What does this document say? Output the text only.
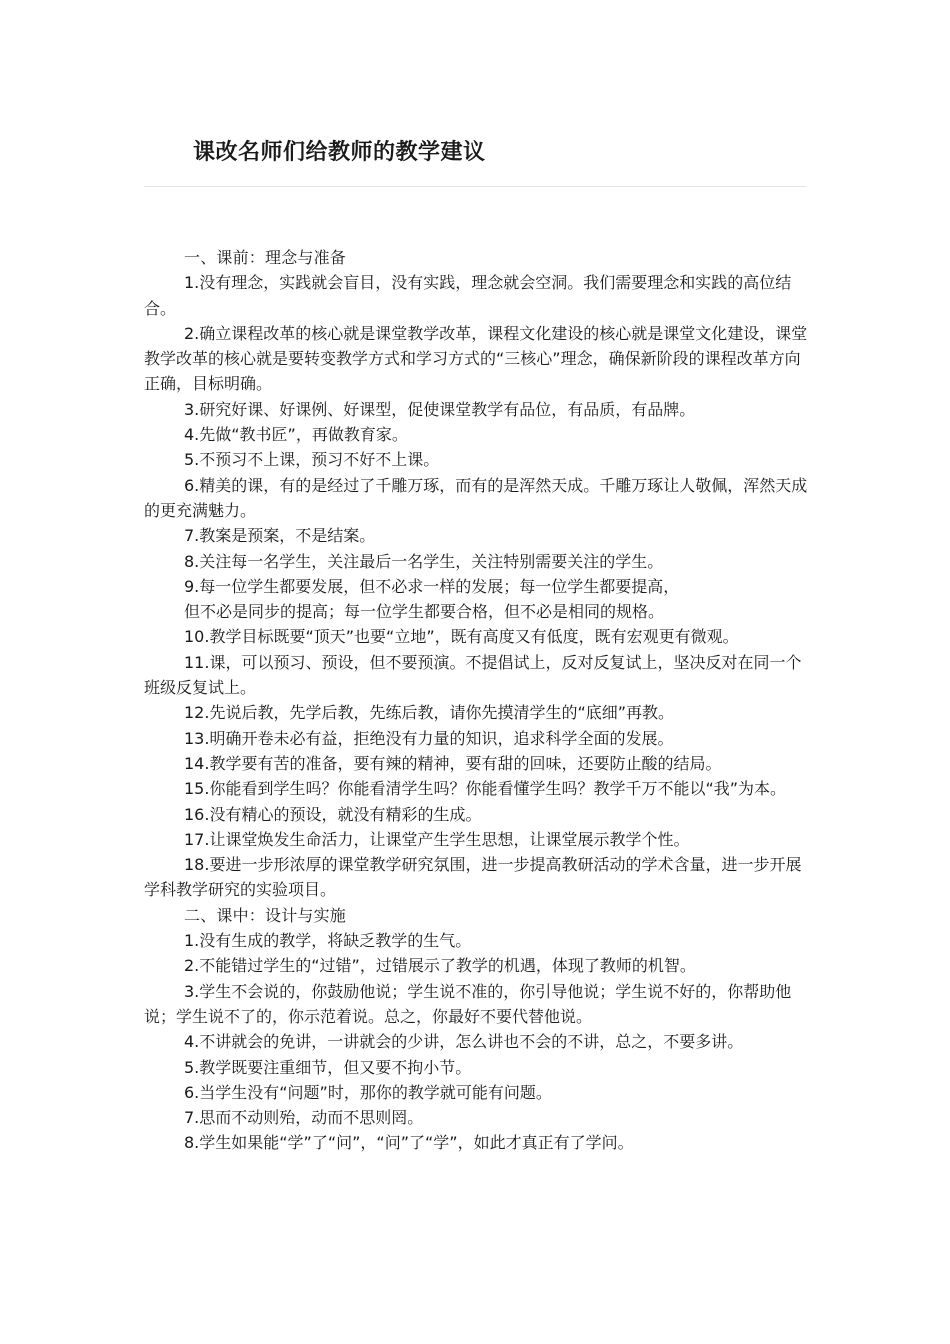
课改名师们给教师的教学建议

一、课前：理念与准备

1.没有理念，实践就会盲目，没有实践，理念就会空洞。我们需要理念和实践的高位结合。

2.确立课程改革的核心就是课堂教学改革，课程文化建设的核心就是课堂文化建设，课堂教学改革的核心就是要转变教学方式和学习方式的“三核心”理念，确保新阶段的课程改革方向正确，目标明确。

3.研究好课、好课例、好课型，促使课堂教学有品位，有品质，有品牌。

4.先做“教书匠”，再做教育家。

5.不预习不上课，预习不好不上课。

6.精美的课，有的是经过了千雕万琢，而有的是浑然天成。千雕万琢让人敬佩，浑然天成的更充满魅力。

7.教案是预案，不是结案。

8.关注每一名学生，关注最后一名学生，关注特别需要关注的学生。

9.每一位学生都要发展，但不必求一样的发展；每一位学生都要提高，

但不必是同步的提高；每一位学生都要合格，但不必是相同的规格。

10.教学目标既要“顶天”也要“立地”，既有高度又有低度，既有宏观更有微观。

11.课，可以预习、预设，但不要预演。不提倡试上，反对反复试上，坚决反对在同一个班级反复试上。

12.先说后教，先学后教，先练后教，请你先摸清学生的“底细”再教。

13.明确开卷未必有益，拒绝没有力量的知识，追求科学全面的发展。

14.教学要有苦的准备，要有辣的精神，要有甜的回味，还要防止酸的结局。

15.你能看到学生吗？你能看清学生吗？你能看懂学生吗？教学千万不能以“我”为本。

16.没有精心的预设，就没有精彩的生成。

17.让课堂焕发生命活力，让课堂产生学生思想，让课堂展示教学个性。

18.要进一步形浓厚的课堂教学研究氛围，进一步提高教研活动的学术含量，进一步开展学科教学研究的实验项目。

二、课中：设计与实施

1.没有生成的教学，将缺乏教学的生气。

2.不能错过学生的“过错”，过错展示了教学的机遇，体现了教师的机智。

3.学生不会说的，你鼓励他说；学生说不准的，你引导他说；学生说不好的，你帮助他说；学生说不了的，你示范着说。总之，你最好不要代替他说。

4.不讲就会的免讲，一讲就会的少讲，怎么讲也不会的不讲，总之，不要多讲。

5.教学既要注重细节，但又要不拘小节。

6.当学生没有“问题”时，那你的教学就可能有问题。

7.思而不动则殆，动而不思则罔。

8.学生如果能“学”了“问”，“问”了“学”，如此才真正有了学问。
